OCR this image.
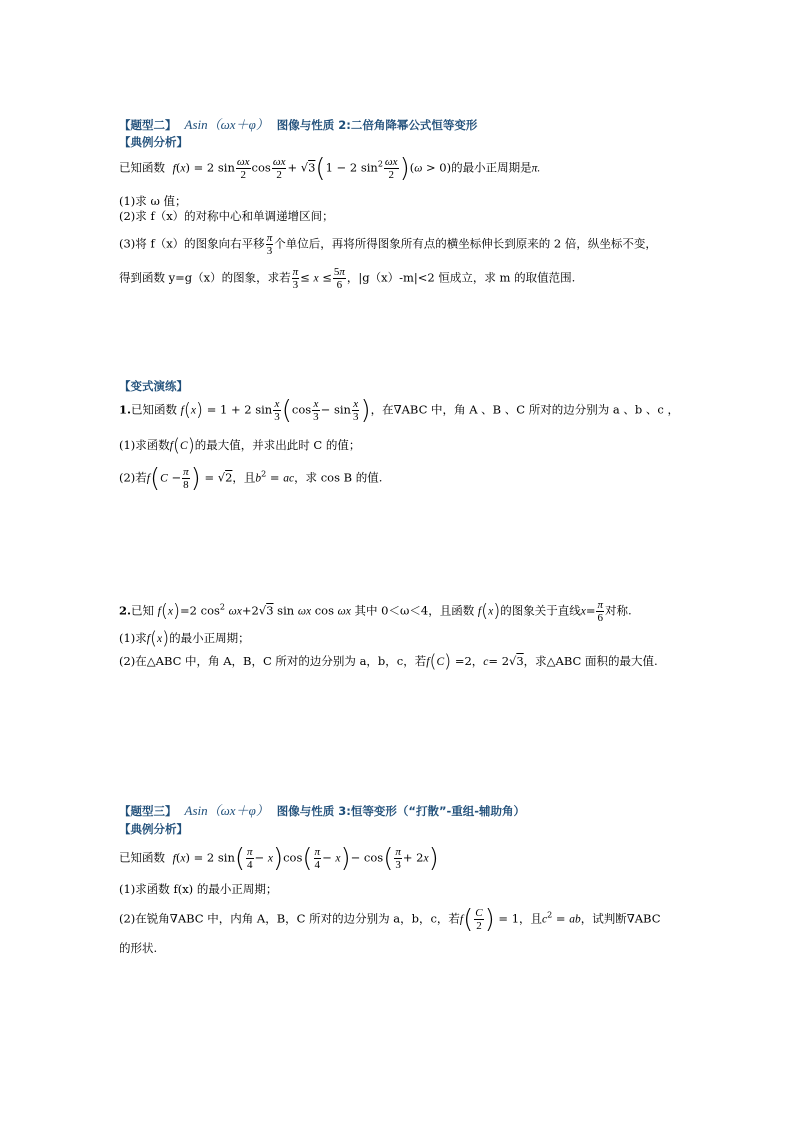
【题型二】 Asin（ωx＋φ） 图像与性质 2:二倍角降幂公式恒等变形
【典例分析】
已知函数 f(x) = 2 $\sin \frac{\omega x}{2}$ $\cos \frac{\omega x}{2} + √3(1 - 2$ $\sin^2 \frac{\omega x}{2} )(\omega > 0)$的最小正周期是π.
(1)求 ω 值；
(2)求 f（x）的对称中心和单调递增区间；
(3)将 f（x）的图象向右平移 $\frac{\pi}{3}$ 个单位后，再将所得图象所有点的横坐标伸长到原来的 2 倍，纵坐标不变，
得到函数 y=g（x）的图象，求若 $\frac{\pi}{3} \le x \le \frac{5\pi}{6}$ ，|g（x）-m|<2 恒成立，求 m 的取值范围.
【变式演练】
1.已知函数 f(x) = 1 + 2 $\sin \frac{x}{3} (\cos \frac{x}{3} - \sin \frac{x}{3}$ )，在∇ABC 中，角 A 、B 、C 所对的边分别为 a 、b 、c ，
(1)求函数f(C)的最大值，并求出此时 C 的值；
(2)若$f(C - \frac{\pi}{8}$ ) = √2，且$b^2$ = ac，求 cos B 的值.
2.已知 f(x)=2 $\cos^2 \omega x+2√3$ sin ωx cos ωx 其中 0＜ω＜4，且函数 f(x)的图象关于直线$x= \frac{\pi}{6}$ 对称.
(1)求f(x)的最小正周期；
(2)在△ABC 中，角 A，B，C 所对的边分别为 a，b，c，若f(C) =2，c= 2√3，求△ABC 面积的最大值.
【题型三】 Asin（ωx＋φ） 图像与性质 3:恒等变形（“打散”-重组-辅助角）
【典例分析】
已知函数 f(x) = 2 $\sin( \frac{\pi}{4} - x)\cos( \frac{\pi}{4} - x)- \cos( \frac{\pi}{3} + 2x)$
(1)求函数 f(x) 的最小正周期；
(2)在锐角∇ABC 中，内角 A，B，C 所对的边分别为 a，b，c，若$f( \frac{C}{2}$ ) = 1，且$c^2$ = ab，试判断∇ABC
的形状.
